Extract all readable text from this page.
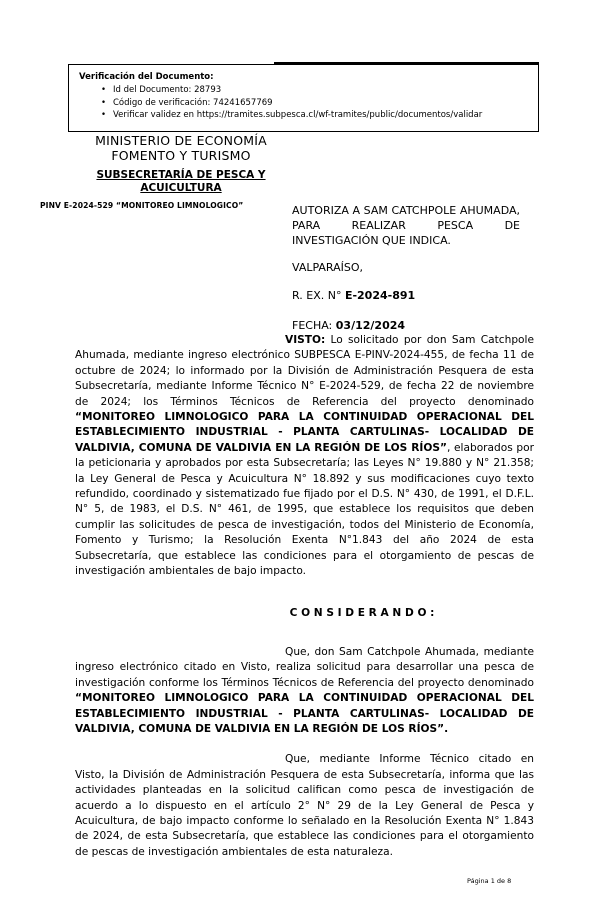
Verificación del Documento:
• Id del Documento: 28793
• Código de verificación: 74241657769
• Verificar validez en https://tramites.subpesca.cl/wf-tramites/public/documentos/validar
MINISTERIO DE ECONOMÍA
FOMENTO Y TURISMO
SUBSECRETARÍA DE PESCA Y ACUICULTURA
PINV E-2024-529 “MONITOREO LIMNOLOGICO”	AUTORIZA A SAM CATCHPOLE AHUMADA, PARA REALIZAR PESCA DE INVESTIGACIÓN QUE INDICA.
VALPARAÍSO,
R. EX. N° E-2024-891
FECHA: 03/12/2024

VISTO: Lo solicitado por don Sam Catchpole Ahumada, mediante ingreso electrónico SUBPESCA E-PINV-2024-455, de fecha 11 de octubre de 2024; lo informado por la División de Administración Pesquera de esta Subsecretaría, mediante Informe Técnico N° E-2024-529, de fecha 22 de noviembre de 2024; los Términos Técnicos de Referencia del proyecto denominado “MONITOREO LIMNOLOGICO PARA LA CONTINUIDAD OPERACIONAL DEL ESTABLECIMIENTO INDUSTRIAL - PLANTA CARTULINAS- LOCALIDAD DE VALDIVIA, COMUNA DE VALDIVIA EN LA REGIÓN DE LOS RÍOS”, elaborados por la peticionaria y aprobados por esta Subsecretaría; las Leyes N° 19.880 y N° 21.358; la Ley General de Pesca y Acuicultura N° 18.892 y sus modificaciones cuyo texto refundido, coordinado y sistematizado fue fijado por el D.S. N° 430, de 1991, el D.F.L. N° 5, de 1983, el D.S. N° 461, de 1995, que establece los requisitos que deben cumplir las solicitudes de pesca de investigación, todos del Ministerio de Economía, Fomento y Turismo; la Resolución Exenta N°1.843 del año 2024 de esta Subsecretaría, que establece las condiciones para el otorgamiento de pescas de investigación ambientales de bajo impacto.

C O N S I D E R A N D O :

Que, don Sam Catchpole Ahumada, mediante ingreso electrónico citado en Visto, realiza solicitud para desarrollar una pesca de investigación conforme los Términos Técnicos de Referencia del proyecto denominado “MONITOREO LIMNOLOGICO PARA LA CONTINUIDAD OPERACIONAL DEL ESTABLECIMIENTO INDUSTRIAL - PLANTA CARTULINAS- LOCALIDAD DE VALDIVIA, COMUNA DE VALDIVIA EN LA REGIÓN DE LOS RÍOS”.

Que, mediante Informe Técnico citado en Visto, la División de Administración Pesquera de esta Subsecretaría, informa que las actividades planteadas en la solicitud califican como pesca de investigación de acuerdo a lo dispuesto en el artículo 2° N° 29 de la Ley General de Pesca y Acuicultura, de bajo impacto conforme lo señalado en la Resolución Exenta N° 1.843 de 2024, de esta Subsecretaría, que establece las condiciones para el otorgamiento de pescas de investigación ambientales de esta naturaleza.

Página 1 de 8
